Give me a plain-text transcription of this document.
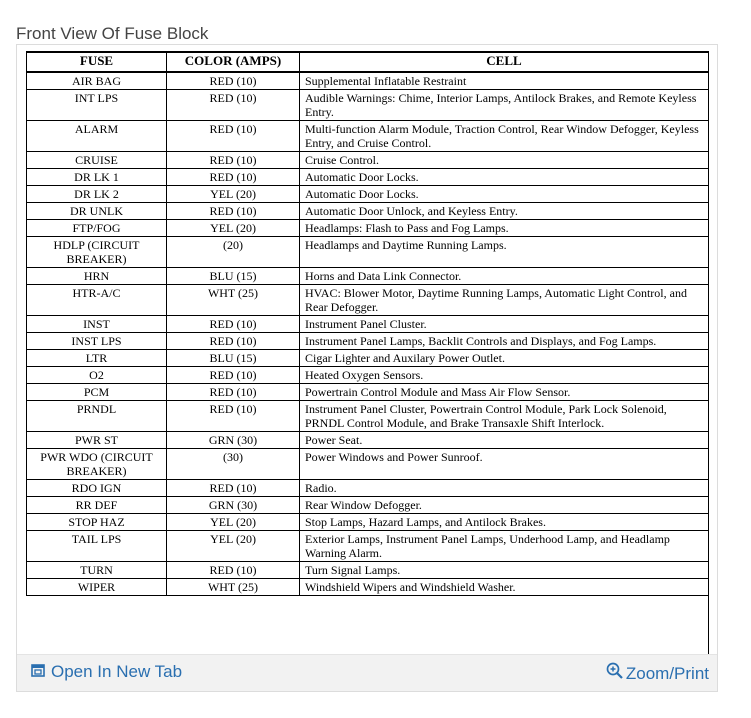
Front View Of Fuse Block
FUSE	COLOR (AMPS)	CELL
AIR BAG	RED (10)	Supplemental Inflatable Restraint
INT LPS	RED (10)	Audible Warnings: Chime, Interior Lamps, Antilock Brakes, and Remote Keyless Entry.
ALARM	RED (10)	Multi-function Alarm Module, Traction Control, Rear Window Defogger, Keyless Entry, and Cruise Control.
CRUISE	RED (10)	Cruise Control.
DR LK 1	RED (10)	Automatic Door Locks.
DR LK 2	YEL (20)	Automatic Door Locks.
DR UNLK	RED (10)	Automatic Door Unlock, and Keyless Entry.
FTP/FOG	YEL (20)	Headlamps: Flash to Pass and Fog Lamps.
HDLP (CIRCUIT BREAKER)	(20)	Headlamps and Daytime Running Lamps.
HRN	BLU (15)	Horns and Data Link Connector.
HTR-A/C	WHT (25)	HVAC: Blower Motor, Daytime Running Lamps, Automatic Light Control, and Rear Defogger.
INST	RED (10)	Instrument Panel Cluster.
INST LPS	RED (10)	Instrument Panel Lamps, Backlit Controls and Displays, and Fog Lamps.
LTR	BLU (15)	Cigar Lighter and Auxilary Power Outlet.
O2	RED (10)	Heated Oxygen Sensors.
PCM	RED (10)	Powertrain Control Module and Mass Air Flow Sensor.
PRNDL	RED (10)	Instrument Panel Cluster, Powertrain Control Module, Park Lock Solenoid, PRNDL Control Module, and Brake Transaxle Shift Interlock.
PWR ST	GRN (30)	Power Seat.
PWR WDO (CIRCUIT BREAKER)	(30)	Power Windows and Power Sunroof.
RDO IGN	RED (10)	Radio.
RR DEF	GRN (30)	Rear Window Defogger.
STOP HAZ	YEL (20)	Stop Lamps, Hazard Lamps, and Antilock Brakes.
TAIL LPS	YEL (20)	Exterior Lamps, Instrument Panel Lamps, Underhood Lamp, and Headlamp Warning Alarm.
TURN	RED (10)	Turn Signal Lamps.
WIPER	WHT (25)	Windshield Wipers and Windshield Washer.
Open In New Tab	Zoom/Print
